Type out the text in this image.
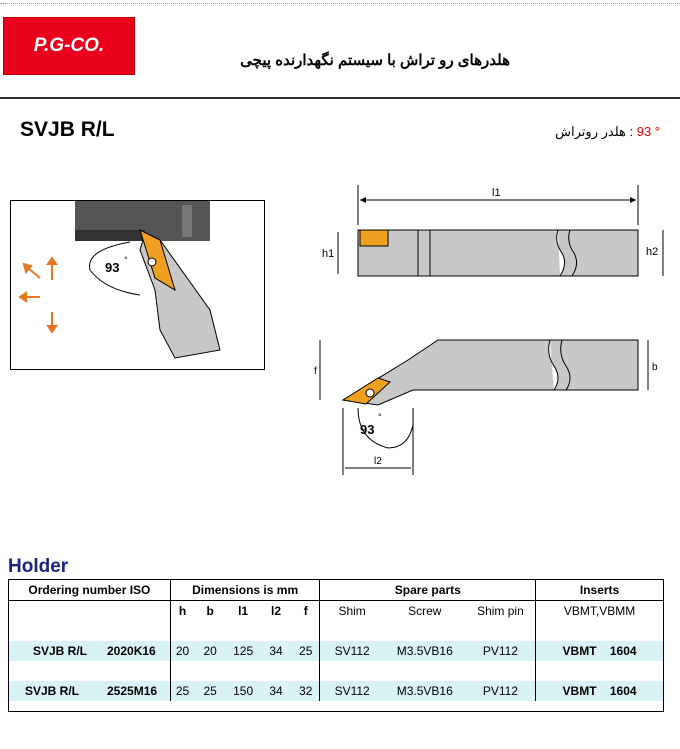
P.G-CO.
هلدرهای رو تراش با سیستم نگهدارنده پیچی
SVJB R/L	: هلدر روتراش 93 °
93 °
l1
h1	h2
f	b
93
°
l2
Holder
Ordering number ISO	Dimensions is mm					Spare parts			Inserts
	h	b	l1	l2	f	Shim	Screw	Shim pin	VBMT,VBMM

SVJB R/L 2020K16	20	20	125	34	25	SV112	M3.5VB16	PV112	VBMT    1604

SVJB R/L 2525M16	25	25	150	34	32	SV112	M3.5VB16	PV112	VBMT    1604
